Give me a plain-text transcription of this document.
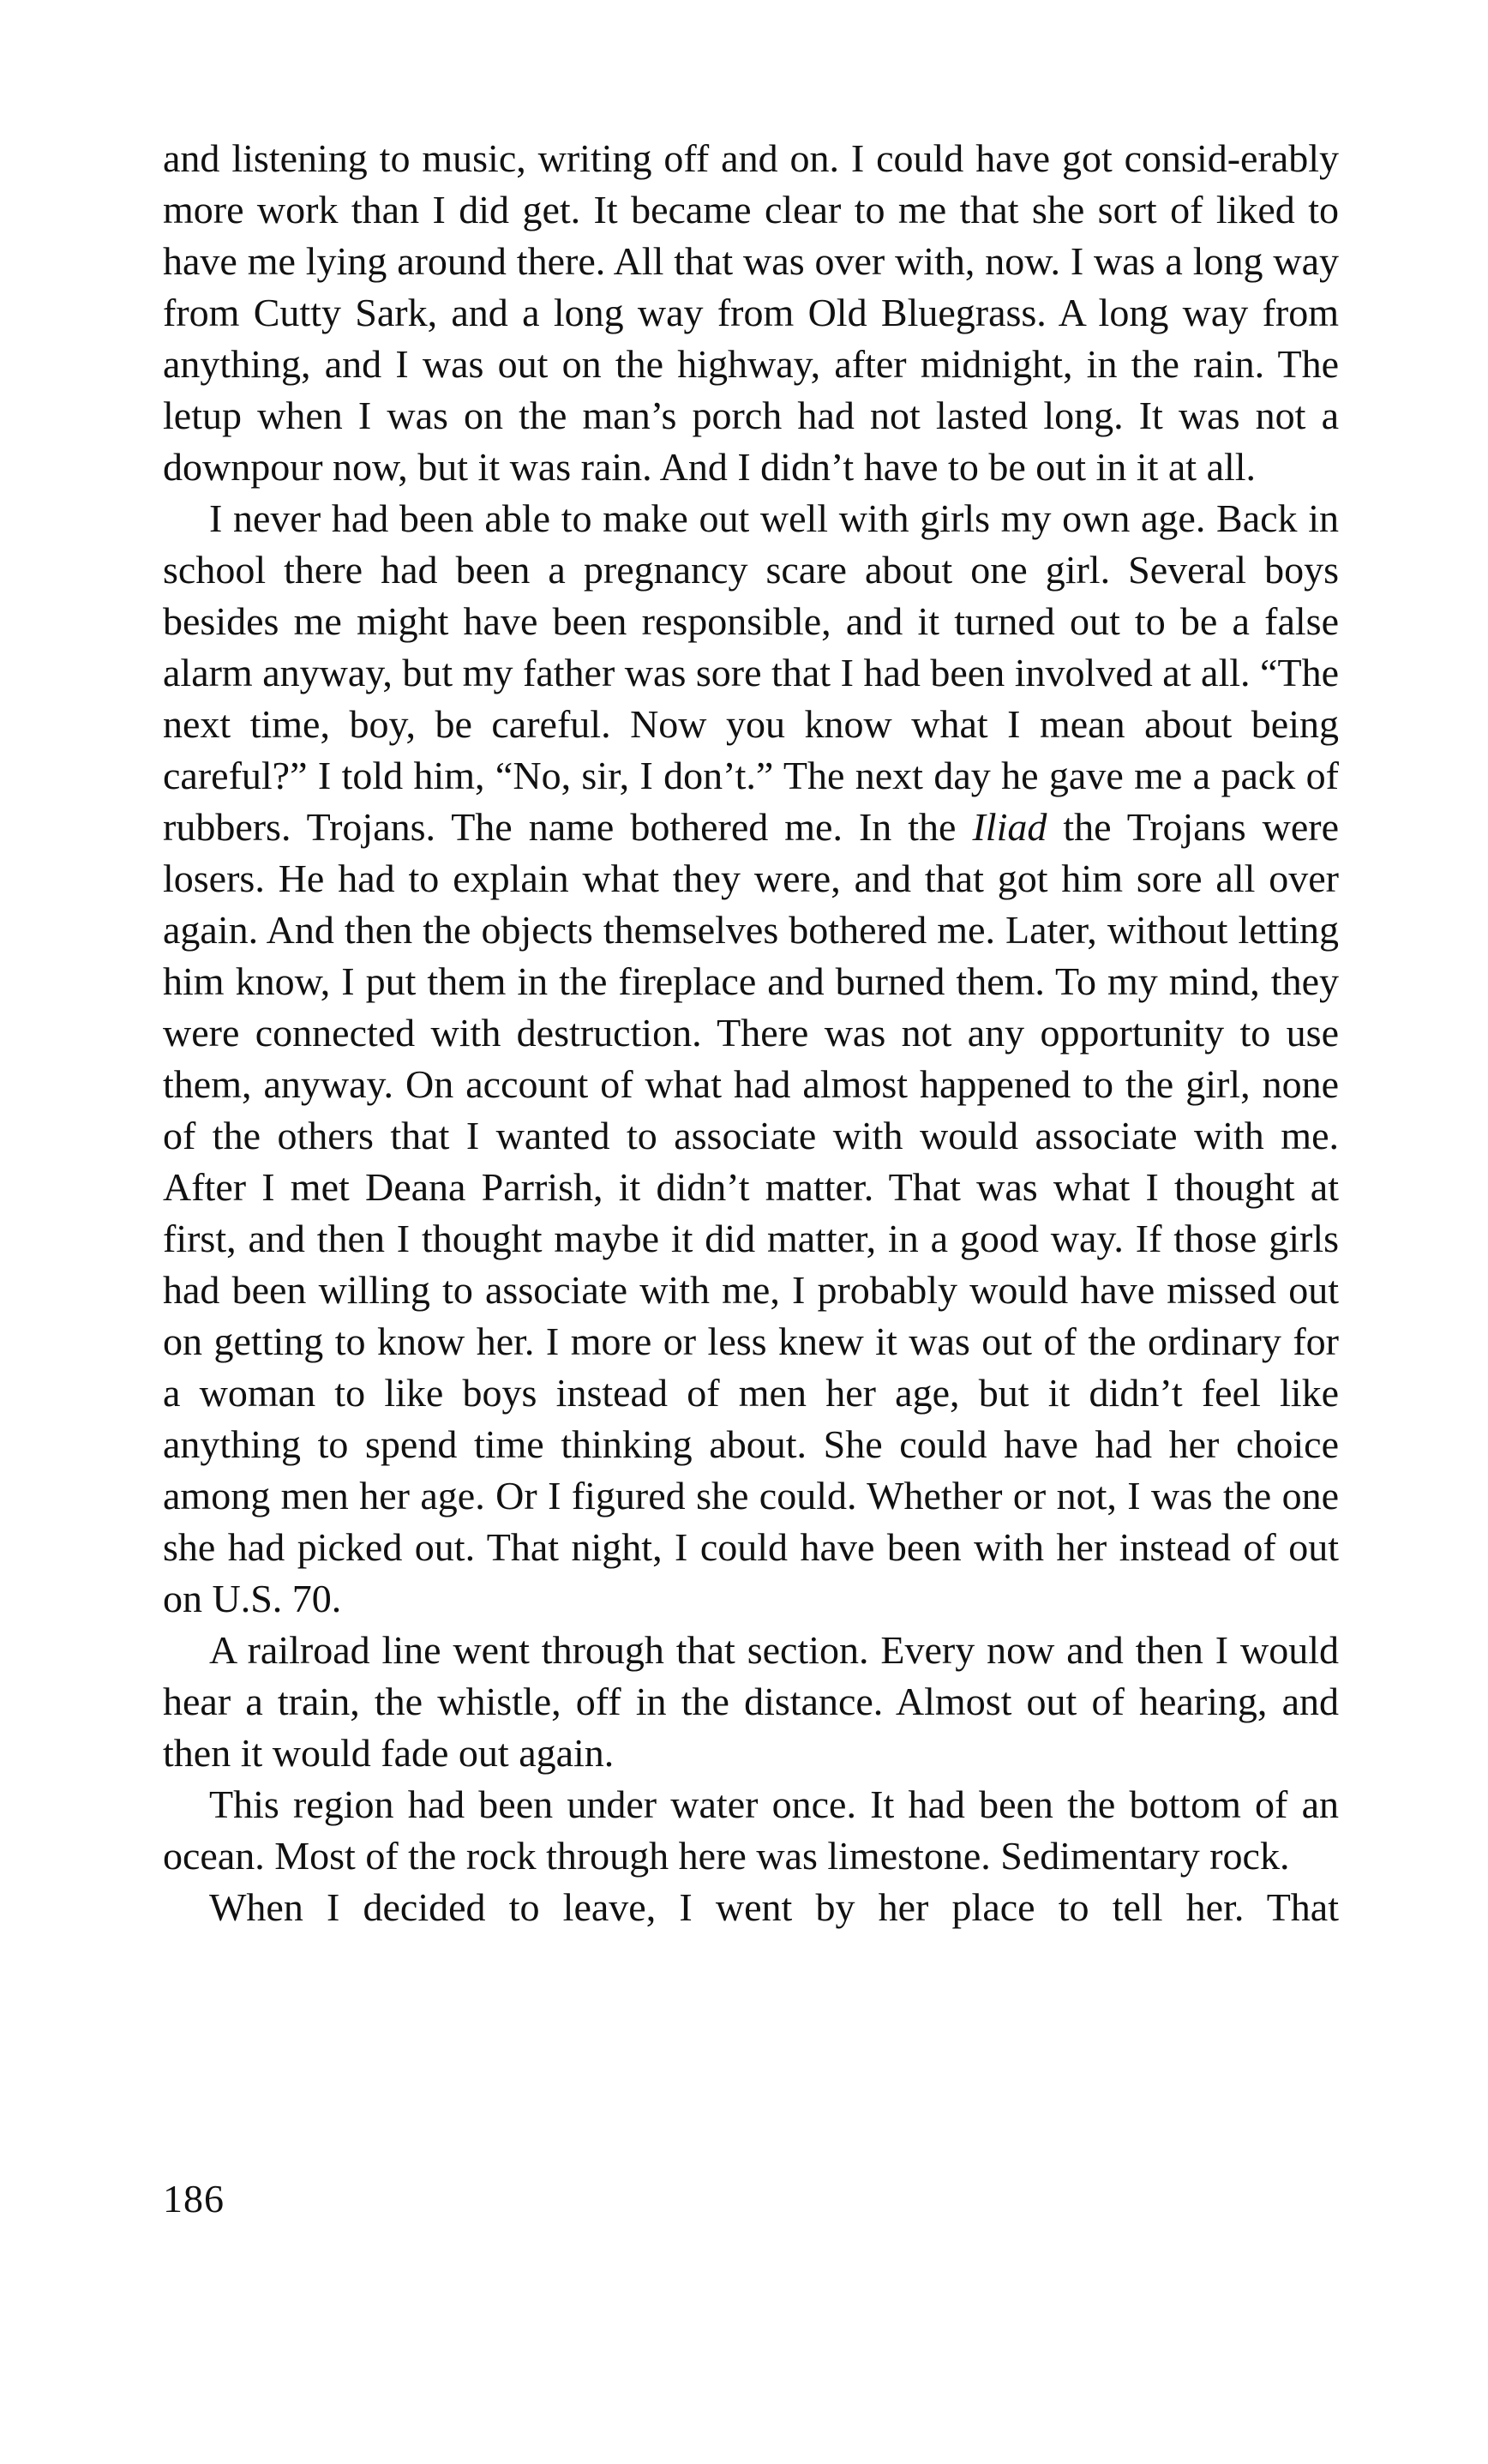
and listening to music, writing off and on. I could have got consid-erably more work than I did get. It became clear to me that she sort of liked to have me lying around there. All that was over with, now. I was a long way from Cutty Sark, and a long way from Old Bluegrass. A long way from anything, and I was out on the highway, after midnight, in the rain. The letup when I was on the man’s porch had not lasted long. It was not a downpour now, but it was rain. And I didn’t have to be out in it at all.

I never had been able to make out well with girls my own age. Back in school there had been a pregnancy scare about one girl. Several boys besides me might have been responsible, and it turned out to be a false alarm anyway, but my father was sore that I had been involved at all. “The next time, boy, be careful. Now you know what I mean about being careful?” I told him, “No, sir, I don’t.” The next day he gave me a pack of rubbers. Trojans. The name bothered me. In the Iliad the Trojans were losers. He had to explain what they were, and that got him sore all over again. And then the objects themselves bothered me. Later, without letting him know, I put them in the fireplace and burned them. To my mind, they were connected with destruction. There was not any opportunity to use them, anyway. On account of what had almost happened to the girl, none of the others that I wanted to associate with would associate with me. After I met Deana Parrish, it didn’t matter. That was what I thought at first, and then I thought maybe it did matter, in a good way. If those girls had been willing to associate with me, I probably would have missed out on getting to know her. I more or less knew it was out of the ordinary for a woman to like boys instead of men her age, but it didn’t feel like anything to spend time thinking about. She could have had her choice among men her age. Or I figured she could. Whether or not, I was the one she had picked out. That night, I could have been with her instead of out on U.S. 70.

A railroad line went through that section. Every now and then I would hear a train, the whistle, off in the distance. Almost out of hearing, and then it would fade out again.

This region had been under water once. It had been the bottom of an ocean. Most of the rock through here was limestone. Sedimentary rock.

When I decided to leave, I went by her place to tell her. That

186
